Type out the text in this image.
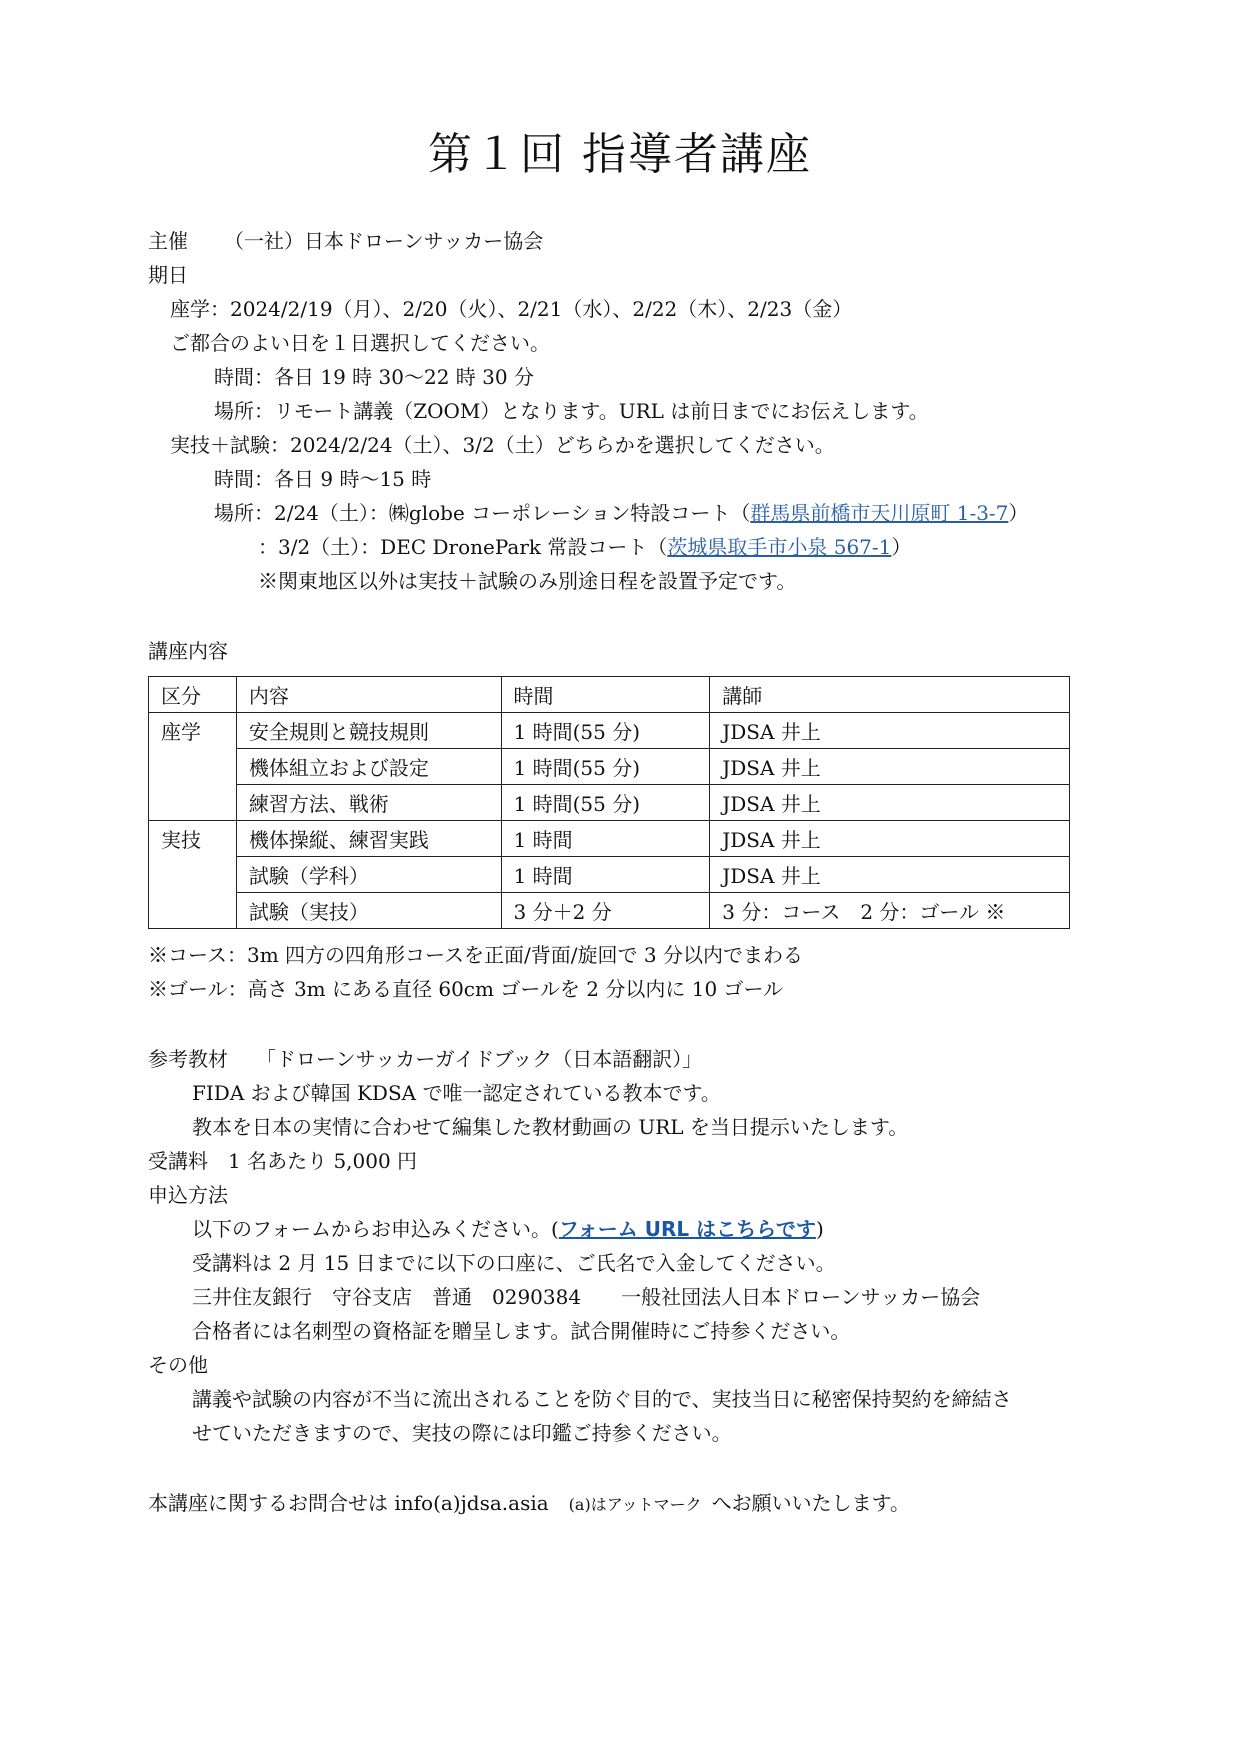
第１回 指導者講座
主催 （一社）日本ドローンサッカー協会
期日
座学：2024/2/19（月）、2/20（火）、2/21（水）、2/22（木）、2/23（金）
ご都合のよい日を１日選択してください。
時間：各日 19 時 30～22 時 30 分
場所：リモート講義（ZOOM）となります。URL は前日までにお伝えします。
実技＋試験：2024/2/24（土）、3/2（土）どちらかを選択してください。
時間：各日 9 時～15 時
場所：2/24（土）：㈱globe コーポレーション特設コート（群馬県前橋市天川原町 1-3-7）
：3/2（土）：DEC DronePark 常設コート（茨城県取手市小泉 567-1）
※関東地区以外は実技＋試験のみ別途日程を設置予定です。
講座内容
区分	内容	時間	講師
座学	安全規則と競技規則	1 時間(55 分)	JDSA 井上
	機体組立および設定	1 時間(55 分)	JDSA 井上
	練習方法、戦術	1 時間(55 分)	JDSA 井上
実技	機体操縦、練習実践	1 時間	JDSA 井上
	試験（学科）	1 時間	JDSA 井上
	試験（実技）	3 分＋2 分	3 分：コース　2 分：ゴール ※
※コース：3m 四方の四角形コースを正面/背面/旋回で 3 分以内でまわる
※ゴール：高さ 3m にある直径 60cm ゴールを 2 分以内に 10 ゴール
参考教材 「ドローンサッカーガイドブック（日本語翻訳）」
FIDA および韓国 KDSA で唯一認定されている教本です。
教本を日本の実情に合わせて編集した教材動画の URL を当日提示いたします。
受講料 1 名あたり 5,000 円
申込方法
以下のフォームからお申込みください。(フォーム URL はこちらです)
受講料は 2 月 15 日までに以下の口座に、ご氏名で入金してください。
三井住友銀行　守谷支店　普通　0290384　　一般社団法人日本ドローンサッカー協会
合格者には名刺型の資格証を贈呈します。試合開催時にご持参ください。
その他
講義や試験の内容が不当に流出されることを防ぐ目的で、実技当日に秘密保持契約を締結さ
せていただきますので、実技の際には印鑑ご持参ください。
本講座に関するお問合せは info(a)jdsa.asia　(a)はアットマーク へお願いいたします。
